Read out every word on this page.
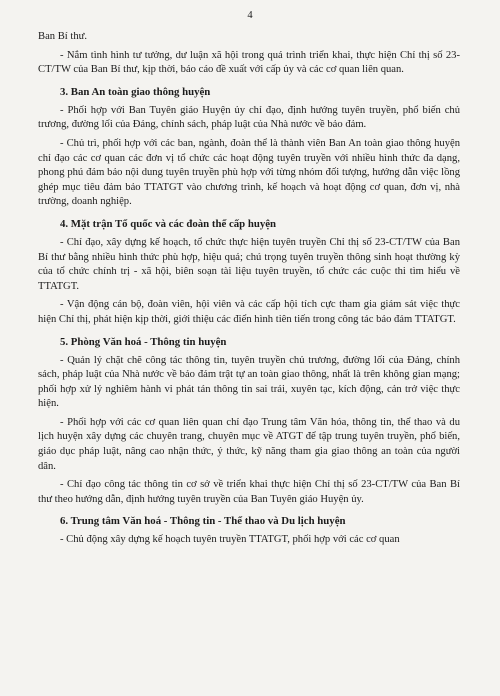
4

Ban Bí thư.

- Nắm tình hình tư tưởng, dư luận xã hội trong quá trình triển khai, thực hiện Chỉ thị số 23-CT/TW của Ban Bí thư, kịp thời, báo cáo đề xuất với cấp ủy và các cơ quan liên quan.

3. Ban An toàn giao thông huyện

- Phối hợp với Ban Tuyên giáo Huyện ủy chỉ đạo, định hướng tuyên truyền, phổ biến chủ trương, đường lối của Đảng, chính sách, pháp luật của Nhà nước về bảo đảm.

- Chủ trì, phối hợp với các ban, ngành, đoàn thể là thành viên Ban An toàn giao thông huyện chỉ đạo các cơ quan các đơn vị tổ chức các hoạt động tuyên truyền với nhiều hình thức đa dạng, phong phú đảm bảo nội dung tuyên truyền phù hợp với từng nhóm đối tượng, hướng dẫn việc lồng ghép mục tiêu đảm bảo TTATGT vào chương trình, kế hoạch và hoạt động cơ quan, đơn vị, nhà trường, doanh nghiệp.

4. Mặt trận Tổ quốc và các đoàn thể cấp huyện

- Chỉ đạo, xây dựng kế hoạch, tổ chức thực hiện tuyên truyền Chỉ thị số 23-CT/TW của Ban Bí thư bằng nhiều hình thức phù hợp, hiệu quả; chú trọng tuyên truyền thông sinh hoạt thường kỳ của tổ chức chính trị - xã hội, biên soạn tài liệu tuyên truyền, tổ chức các cuộc thi tìm hiểu về TTATGT.

- Vận động cán bộ, đoàn viên, hội viên và các cấp hội tích cực tham gia giám sát việc thực hiện Chỉ thị, phát hiện kịp thời, giới thiệu các điển hình tiên tiến trong công tác bảo đảm TTATGT.

5. Phòng Văn hoá - Thông tin huyện

- Quản lý chặt chẽ công tác thông tin, tuyên truyền chủ trương, đường lối của Đảng, chính sách, pháp luật của Nhà nước về bảo đảm trật tự an toàn giao thông, nhất là trên không gian mạng; phối hợp xử lý nghiêm hành vi phát tán thông tin sai trái, xuyên tạc, kích động, cản trở việc thực hiện.

- Phối hợp với các cơ quan liên quan chỉ đạo Trung tâm Văn hóa, thông tin, thể thao và du lịch huyện xây dựng các chuyên trang, chuyên mục về ATGT để tập trung tuyên truyền, phổ biến, giáo dục pháp luật, nâng cao nhận thức, ý thức, kỹ năng tham gia giao thông an toàn của người dân.

- Chỉ đạo công tác thông tin cơ sở về triển khai thực hiện Chỉ thị số 23-CT/TW của Ban Bí thư theo hướng dẫn, định hướng tuyên truyền của Ban Tuyên giáo Huyện ủy.

6. Trung tâm Văn hoá - Thông tin - Thể thao và Du lịch huyện

- Chủ động xây dựng kế hoạch tuyên truyền TTATGT, phối hợp với các cơ quan
